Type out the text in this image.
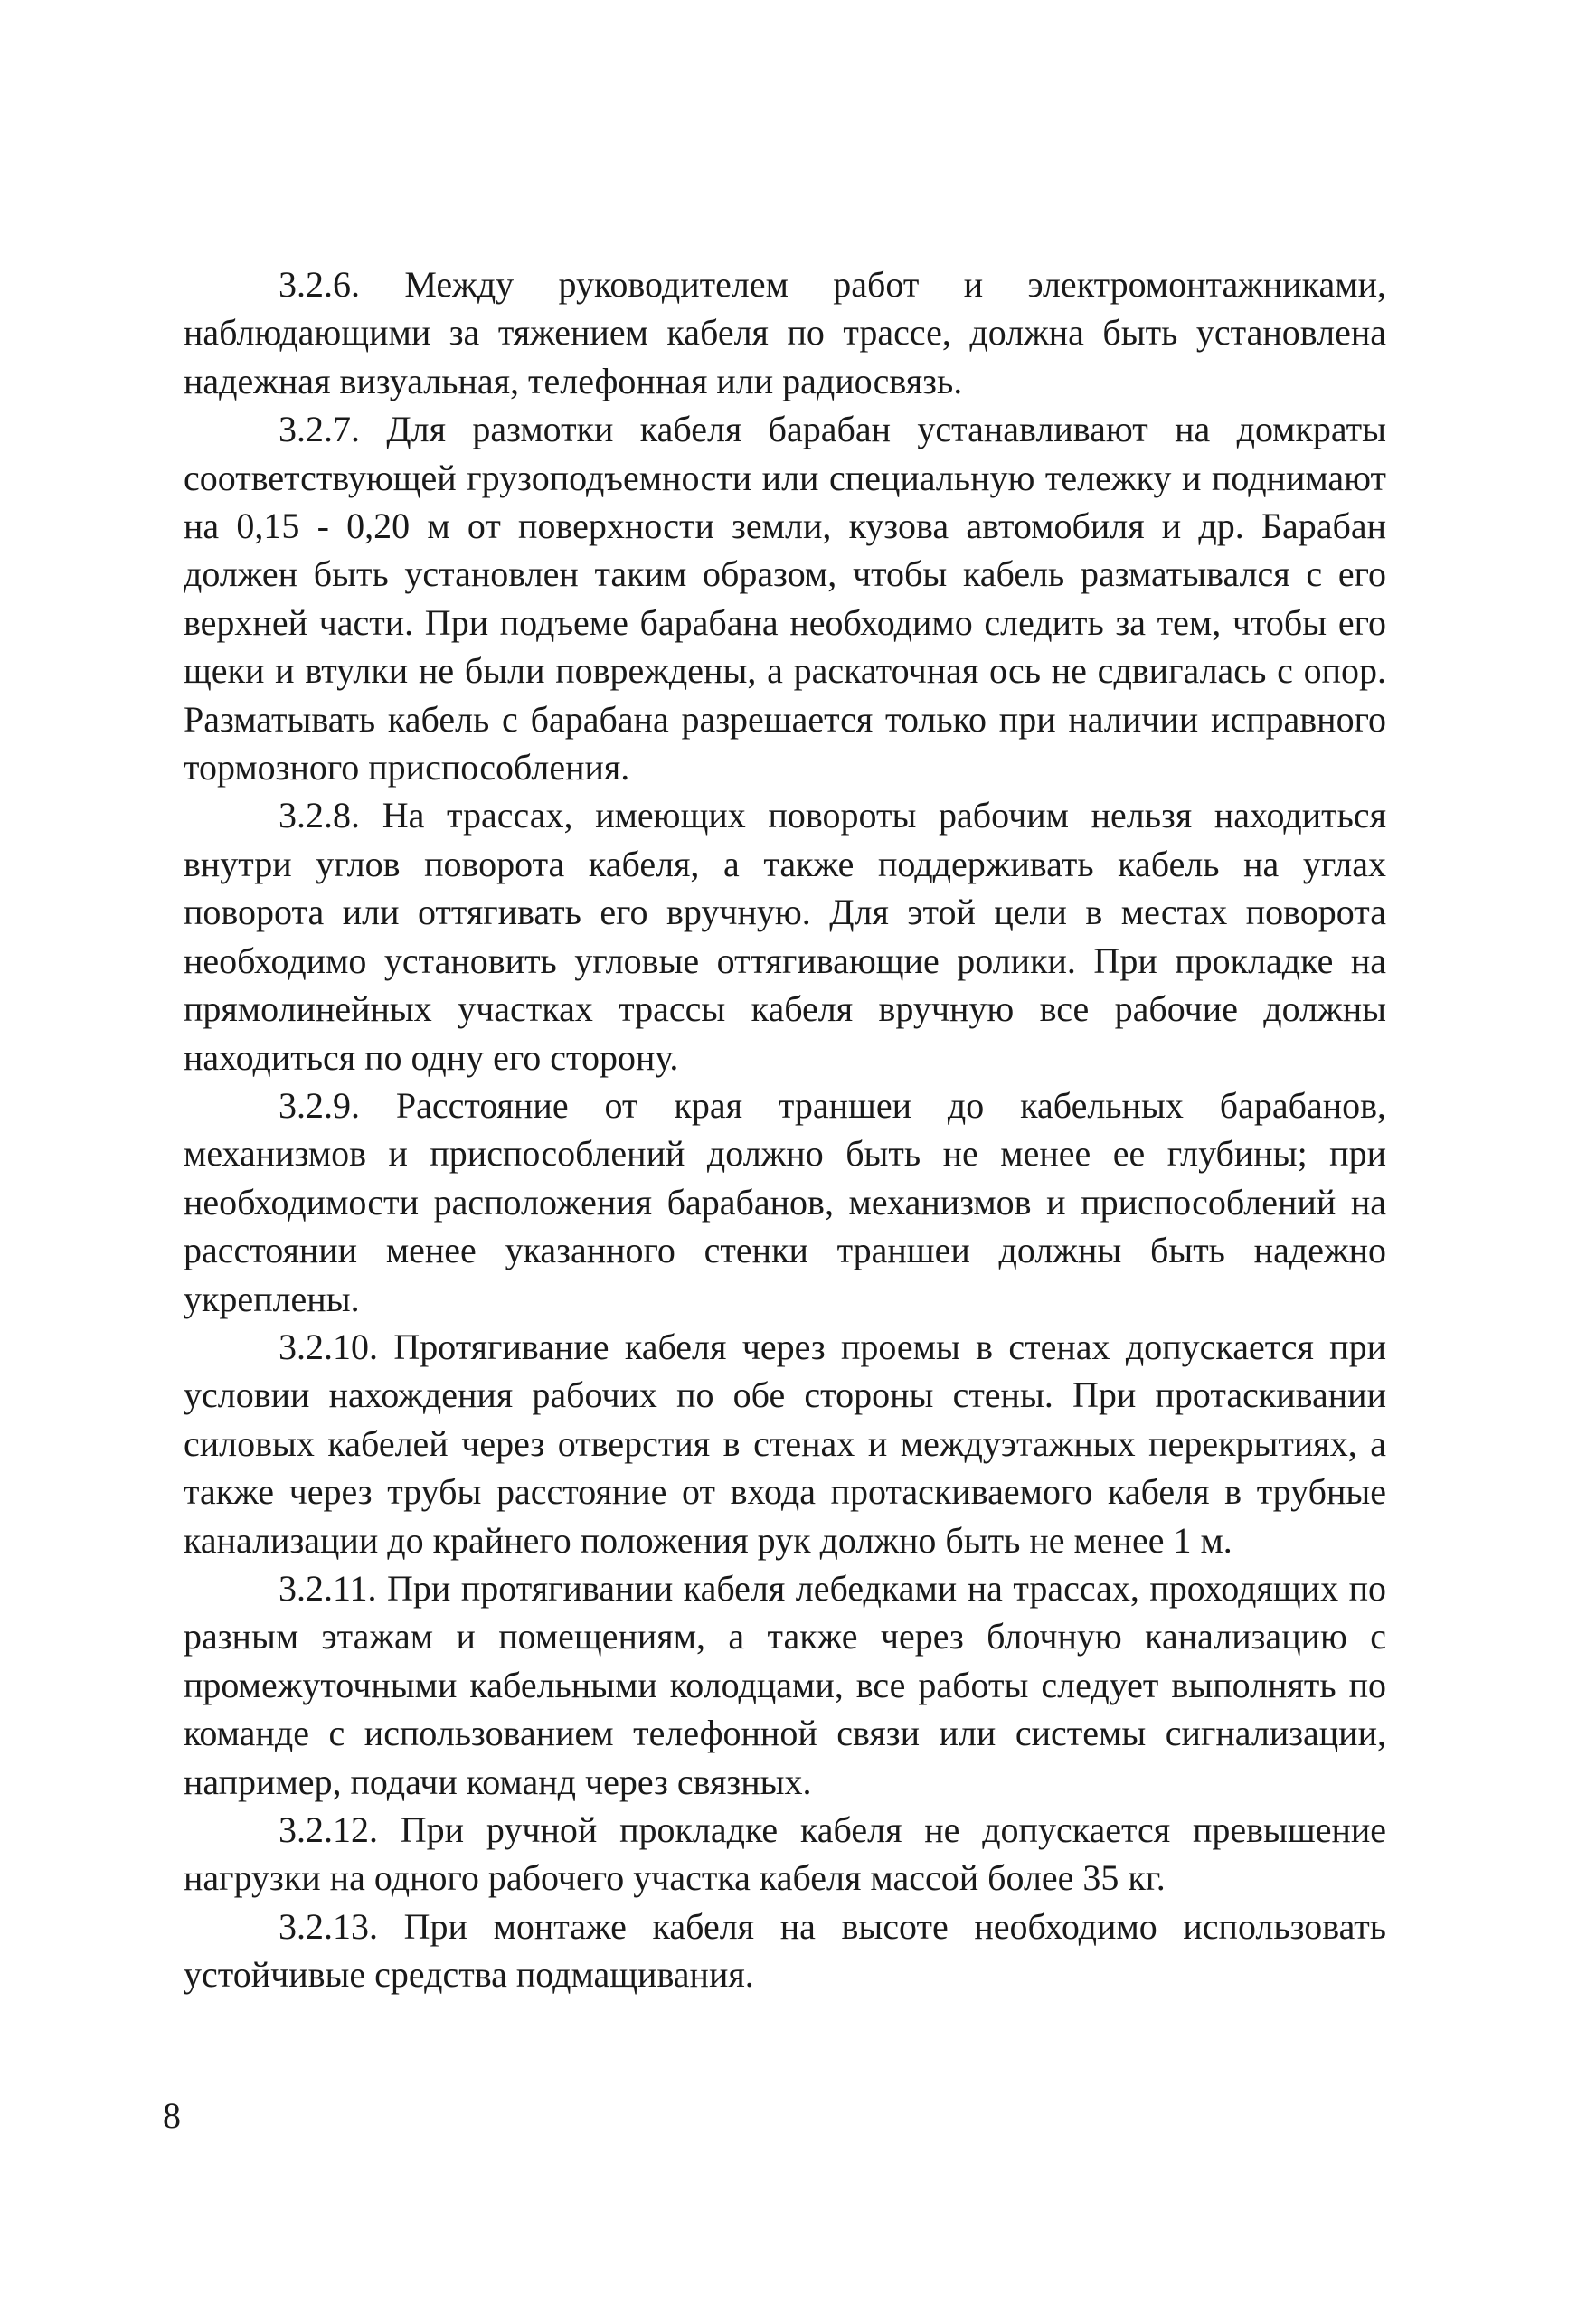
3.2.6. Между руководителем работ и электромонтажниками, наблюдающими за тяжением кабеля по трассе, должна быть установлена надежная визуальная, телефонная или радиосвязь.

3.2.7. Для размотки кабеля барабан устанавливают на домкраты соответствующей грузоподъемности или специальную тележку и поднимают на 0,15 - 0,20 м от поверхности земли, кузова автомобиля и др. Барабан должен быть установлен таким образом, чтобы кабель разматывался с его верхней части. При подъеме барабана необходимо следить за тем, чтобы его щеки и втулки не были повреждены, а раскаточная ось не сдвигалась с опор. Разматывать кабель с барабана разрешается только при наличии исправного тормозного приспособления.

3.2.8. На трассах, имеющих повороты рабочим нельзя находиться внутри углов поворота кабеля, а также поддерживать кабель на углах поворота или оттягивать его вручную. Для этой цели в местах поворота необходимо установить угловые оттягивающие ролики. При прокладке на прямолинейных участках трассы кабеля вручную все рабочие должны находиться по одну его сторону.

3.2.9. Расстояние от края траншеи до кабельных барабанов, механизмов и приспособлений должно быть не менее ее глубины; при необходимости расположения барабанов, механизмов и приспособлений на расстоянии менее указанного стенки траншеи должны быть надежно укреплены.

3.2.10. Протягивание кабеля через проемы в стенах допускается при условии нахождения рабочих по обе стороны стены. При протаскивании силовых кабелей через отверстия в стенах и междуэтажных перекрытиях, а также через трубы расстояние от входа протаскиваемого кабеля в трубные канализации до крайнего положения рук должно быть не менее 1 м.

3.2.11. При протягивании кабеля лебедками на трассах, проходящих по разным этажам и помещениям, а также через блочную канализацию с промежуточными кабельными колодцами, все работы следует выполнять по команде с использованием телефонной связи или системы сигнализации, например, подачи команд через связных.

3.2.12. При ручной прокладке кабеля не допускается превышение нагрузки на одного рабочего участка кабеля массой более 35 кг.

3.2.13. При монтаже кабеля на высоте необходимо использовать устойчивые средства подмащивания.

8
